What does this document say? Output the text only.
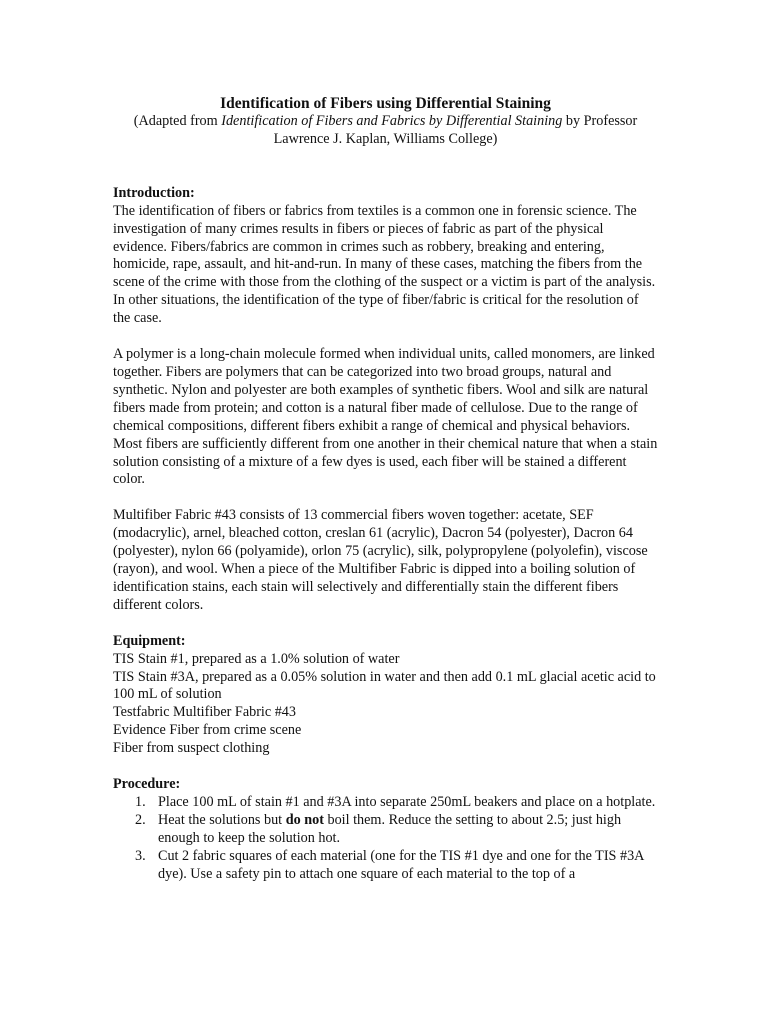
Identification of Fibers using Differential Staining

(Adapted from Identification of Fibers and Fabrics by Differential Staining by Professor Lawrence J. Kaplan, Williams College)

Introduction:

The identification of fibers or fabrics from textiles is a common one in forensic science. The investigation of many crimes results in fibers or pieces of fabric as part of the physical evidence. Fibers/fabrics are common in crimes such as robbery, breaking and entering, homicide, rape, assault, and hit-and-run. In many of these cases, matching the fibers from the scene of the crime with those from the clothing of the suspect or a victim is part of the analysis. In other situations, the identification of the type of fiber/fabric is critical for the resolution of the case.

A polymer is a long-chain molecule formed when individual units, called monomers, are linked together. Fibers are polymers that can be categorized into two broad groups, natural and synthetic. Nylon and polyester are both examples of synthetic fibers. Wool and silk are natural fibers made from protein; and cotton is a natural fiber made of cellulose. Due to the range of chemical compositions, different fibers exhibit a range of chemical and physical behaviors. Most fibers are sufficiently different from one another in their chemical nature that when a stain solution consisting of a mixture of a few dyes is used, each fiber will be stained a different color.

Multifiber Fabric #43 consists of 13 commercial fibers woven together: acetate, SEF (modacrylic), arnel, bleached cotton, creslan 61 (acrylic), Dacron 54 (polyester), Dacron 64 (polyester), nylon 66 (polyamide), orlon 75 (acrylic), silk, polypropylene (polyolefin), viscose (rayon), and wool. When a piece of the Multifiber Fabric is dipped into a boiling solution of identification stains, each stain will selectively and differentially stain the different fibers different colors.

Equipment:

TIS Stain #1, prepared as a 1.0% solution of water
TIS Stain #3A, prepared as a 0.05% solution in water and then add 0.1 mL glacial acetic acid to 100 mL of solution
Testfabric Multifiber Fabric #43
Evidence Fiber from crime scene
Fiber from suspect clothing

Procedure:

1. Place 100 mL of stain #1 and #3A into separate 250mL beakers and place on a hotplate.
2. Heat the solutions but do not boil them. Reduce the setting to about 2.5; just high enough to keep the solution hot.
3. Cut 2 fabric squares of each material (one for the TIS #1 dye and one for the TIS #3A dye). Use a safety pin to attach one square of each material to the top of a
